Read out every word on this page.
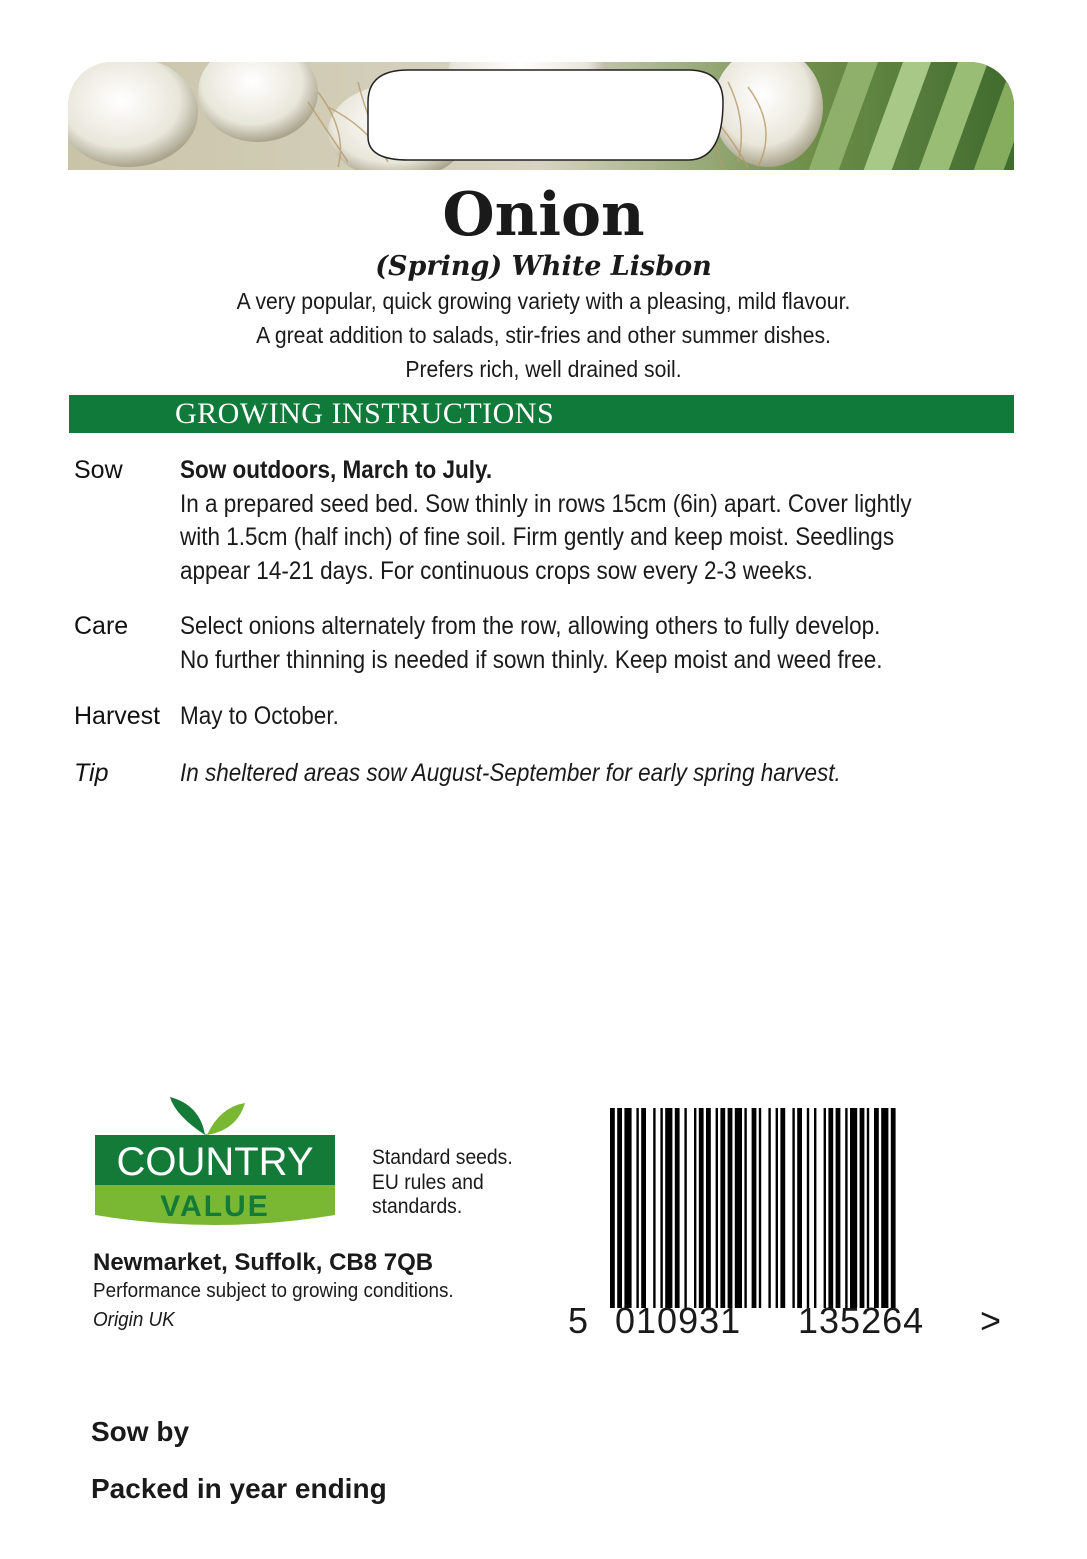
Onion
(Spring) White Lisbon
A very popular, quick growing variety with a pleasing, mild flavour.
A great addition to salads, stir-fries and other summer dishes.
Prefers rich, well drained soil.
GROWING INSTRUCTIONS
Sow Sow outdoors, March to July.
In a prepared seed bed. Sow thinly in rows 15cm (6in) apart. Cover lightly
with 1.5cm (half inch) of fine soil. Firm gently and keep moist. Seedlings
appear 14-21 days. For continuous crops sow every 2-3 weeks.
Care Select onions alternately from the row, allowing others to fully develop.
No further thinning is needed if sown thinly. Keep moist and weed free.
Harvest May to October.
Tip	In sheltered areas sow August-September for early spring harvest.
COUNTRY
VALUE
Standard seeds.
EU rules and
standards.
Newmarket, Suffolk, CB8 7QB
Performance subject to growing conditions.
Origin UK	5 010931 135264 >
Sow by
Packed in year ending
